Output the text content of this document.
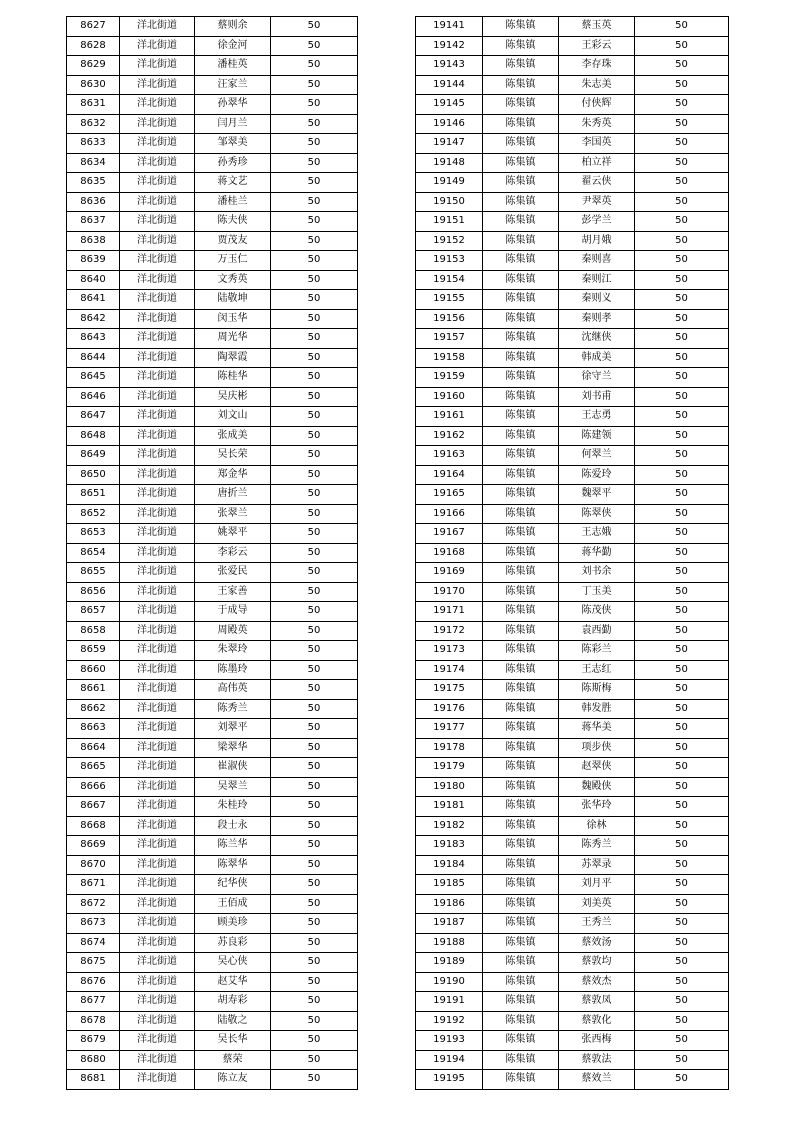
8627	洋北街道	蔡则余	50
8628	洋北街道	徐金河	50
8629	洋北街道	潘桂英	50
8630	洋北街道	汪家兰	50
8631	洋北街道	孙翠华	50
8632	洋北街道	闫月兰	50
8633	洋北街道	邹翠美	50
8634	洋北街道	孙秀珍	50
8635	洋北街道	蒋文艺	50
8636	洋北街道	潘桂兰	50
8637	洋北街道	陈夫侠	50
8638	洋北街道	贾茂友	50
8639	洋北街道	万玉仁	50
8640	洋北街道	文秀英	50
8641	洋北街道	陆敬坤	50
8642	洋北街道	闵玉华	50
8643	洋北街道	周光华	50
8644	洋北街道	陶翠霞	50
8645	洋北街道	陈桂华	50
8646	洋北街道	吴庆彬	50
8647	洋北街道	刘文山	50
8648	洋北街道	张成美	50
8649	洋北街道	吴长荣	50
8650	洋北街道	郑金华	50
8651	洋北街道	唐折兰	50
8652	洋北街道	张翠兰	50
8653	洋北街道	姚翠平	50
8654	洋北街道	李彩云	50
8655	洋北街道	张爱民	50
8656	洋北街道	王家善	50
8657	洋北街道	于成导	50
8658	洋北街道	周殿英	50
8659	洋北街道	朱翠玲	50
8660	洋北街道	陈墨玲	50
8661	洋北街道	高伟英	50
8662	洋北街道	陈秀兰	50
8663	洋北街道	刘翠平	50
8664	洋北街道	梁翠华	50
8665	洋北街道	崔淑侠	50
8666	洋北街道	吴翠兰	50
8667	洋北街道	朱桂玲	50
8668	洋北街道	段士永	50
8669	洋北街道	陈兰华	50
8670	洋北街道	陈翠华	50
8671	洋北街道	纪华侠	50
8672	洋北街道	王佰成	50
8673	洋北街道	顾美珍	50
8674	洋北街道	苏良彩	50
8675	洋北街道	吴心侠	50
8676	洋北街道	赵艾华	50
8677	洋北街道	胡寿彩	50
8678	洋北街道	陆敬之	50
8679	洋北街道	吴长华	50
8680	洋北街道	蔡荣	50
8681	洋北街道	陈立友	50
19141	陈集镇	蔡玉英	50
19142	陈集镇	王彩云	50
19143	陈集镇	李存珠	50
19144	陈集镇	朱志美	50
19145	陈集镇	付侠辉	50
19146	陈集镇	朱秀英	50
19147	陈集镇	李国英	50
19148	陈集镇	柏立祥	50
19149	陈集镇	翟云侠	50
19150	陈集镇	尹翠英	50
19151	陈集镇	彭学兰	50
19152	陈集镇	胡月娥	50
19153	陈集镇	秦则喜	50
19154	陈集镇	秦则江	50
19155	陈集镇	秦则义	50
19156	陈集镇	秦则孝	50
19157	陈集镇	沈继侠	50
19158	陈集镇	韩成美	50
19159	陈集镇	徐守兰	50
19160	陈集镇	刘书甫	50
19161	陈集镇	王志勇	50
19162	陈集镇	陈建领	50
19163	陈集镇	何翠兰	50
19164	陈集镇	陈爱玲	50
19165	陈集镇	魏翠平	50
19166	陈集镇	陈翠侠	50
19167	陈集镇	王志娥	50
19168	陈集镇	蒋华勤	50
19169	陈集镇	刘书余	50
19170	陈集镇	丁玉美	50
19171	陈集镇	陈茂侠	50
19172	陈集镇	袁西勤	50
19173	陈集镇	陈彩兰	50
19174	陈集镇	王志红	50
19175	陈集镇	陈斯梅	50
19176	陈集镇	韩发胜	50
19177	陈集镇	蒋华美	50
19178	陈集镇	项步侠	50
19179	陈集镇	赵翠侠	50
19180	陈集镇	魏殿侠	50
19181	陈集镇	张华玲	50
19182	陈集镇	徐林	50
19183	陈集镇	陈秀兰	50
19184	陈集镇	苏翠录	50
19185	陈集镇	刘月平	50
19186	陈集镇	刘美英	50
19187	陈集镇	王秀兰	50
19188	陈集镇	蔡效汤	50
19189	陈集镇	蔡敦均	50
19190	陈集镇	蔡效杰	50
19191	陈集镇	蔡敦凤	50
19192	陈集镇	蔡敦化	50
19193	陈集镇	张西梅	50
19194	陈集镇	蔡敦法	50
19195	陈集镇	蔡效兰	50
